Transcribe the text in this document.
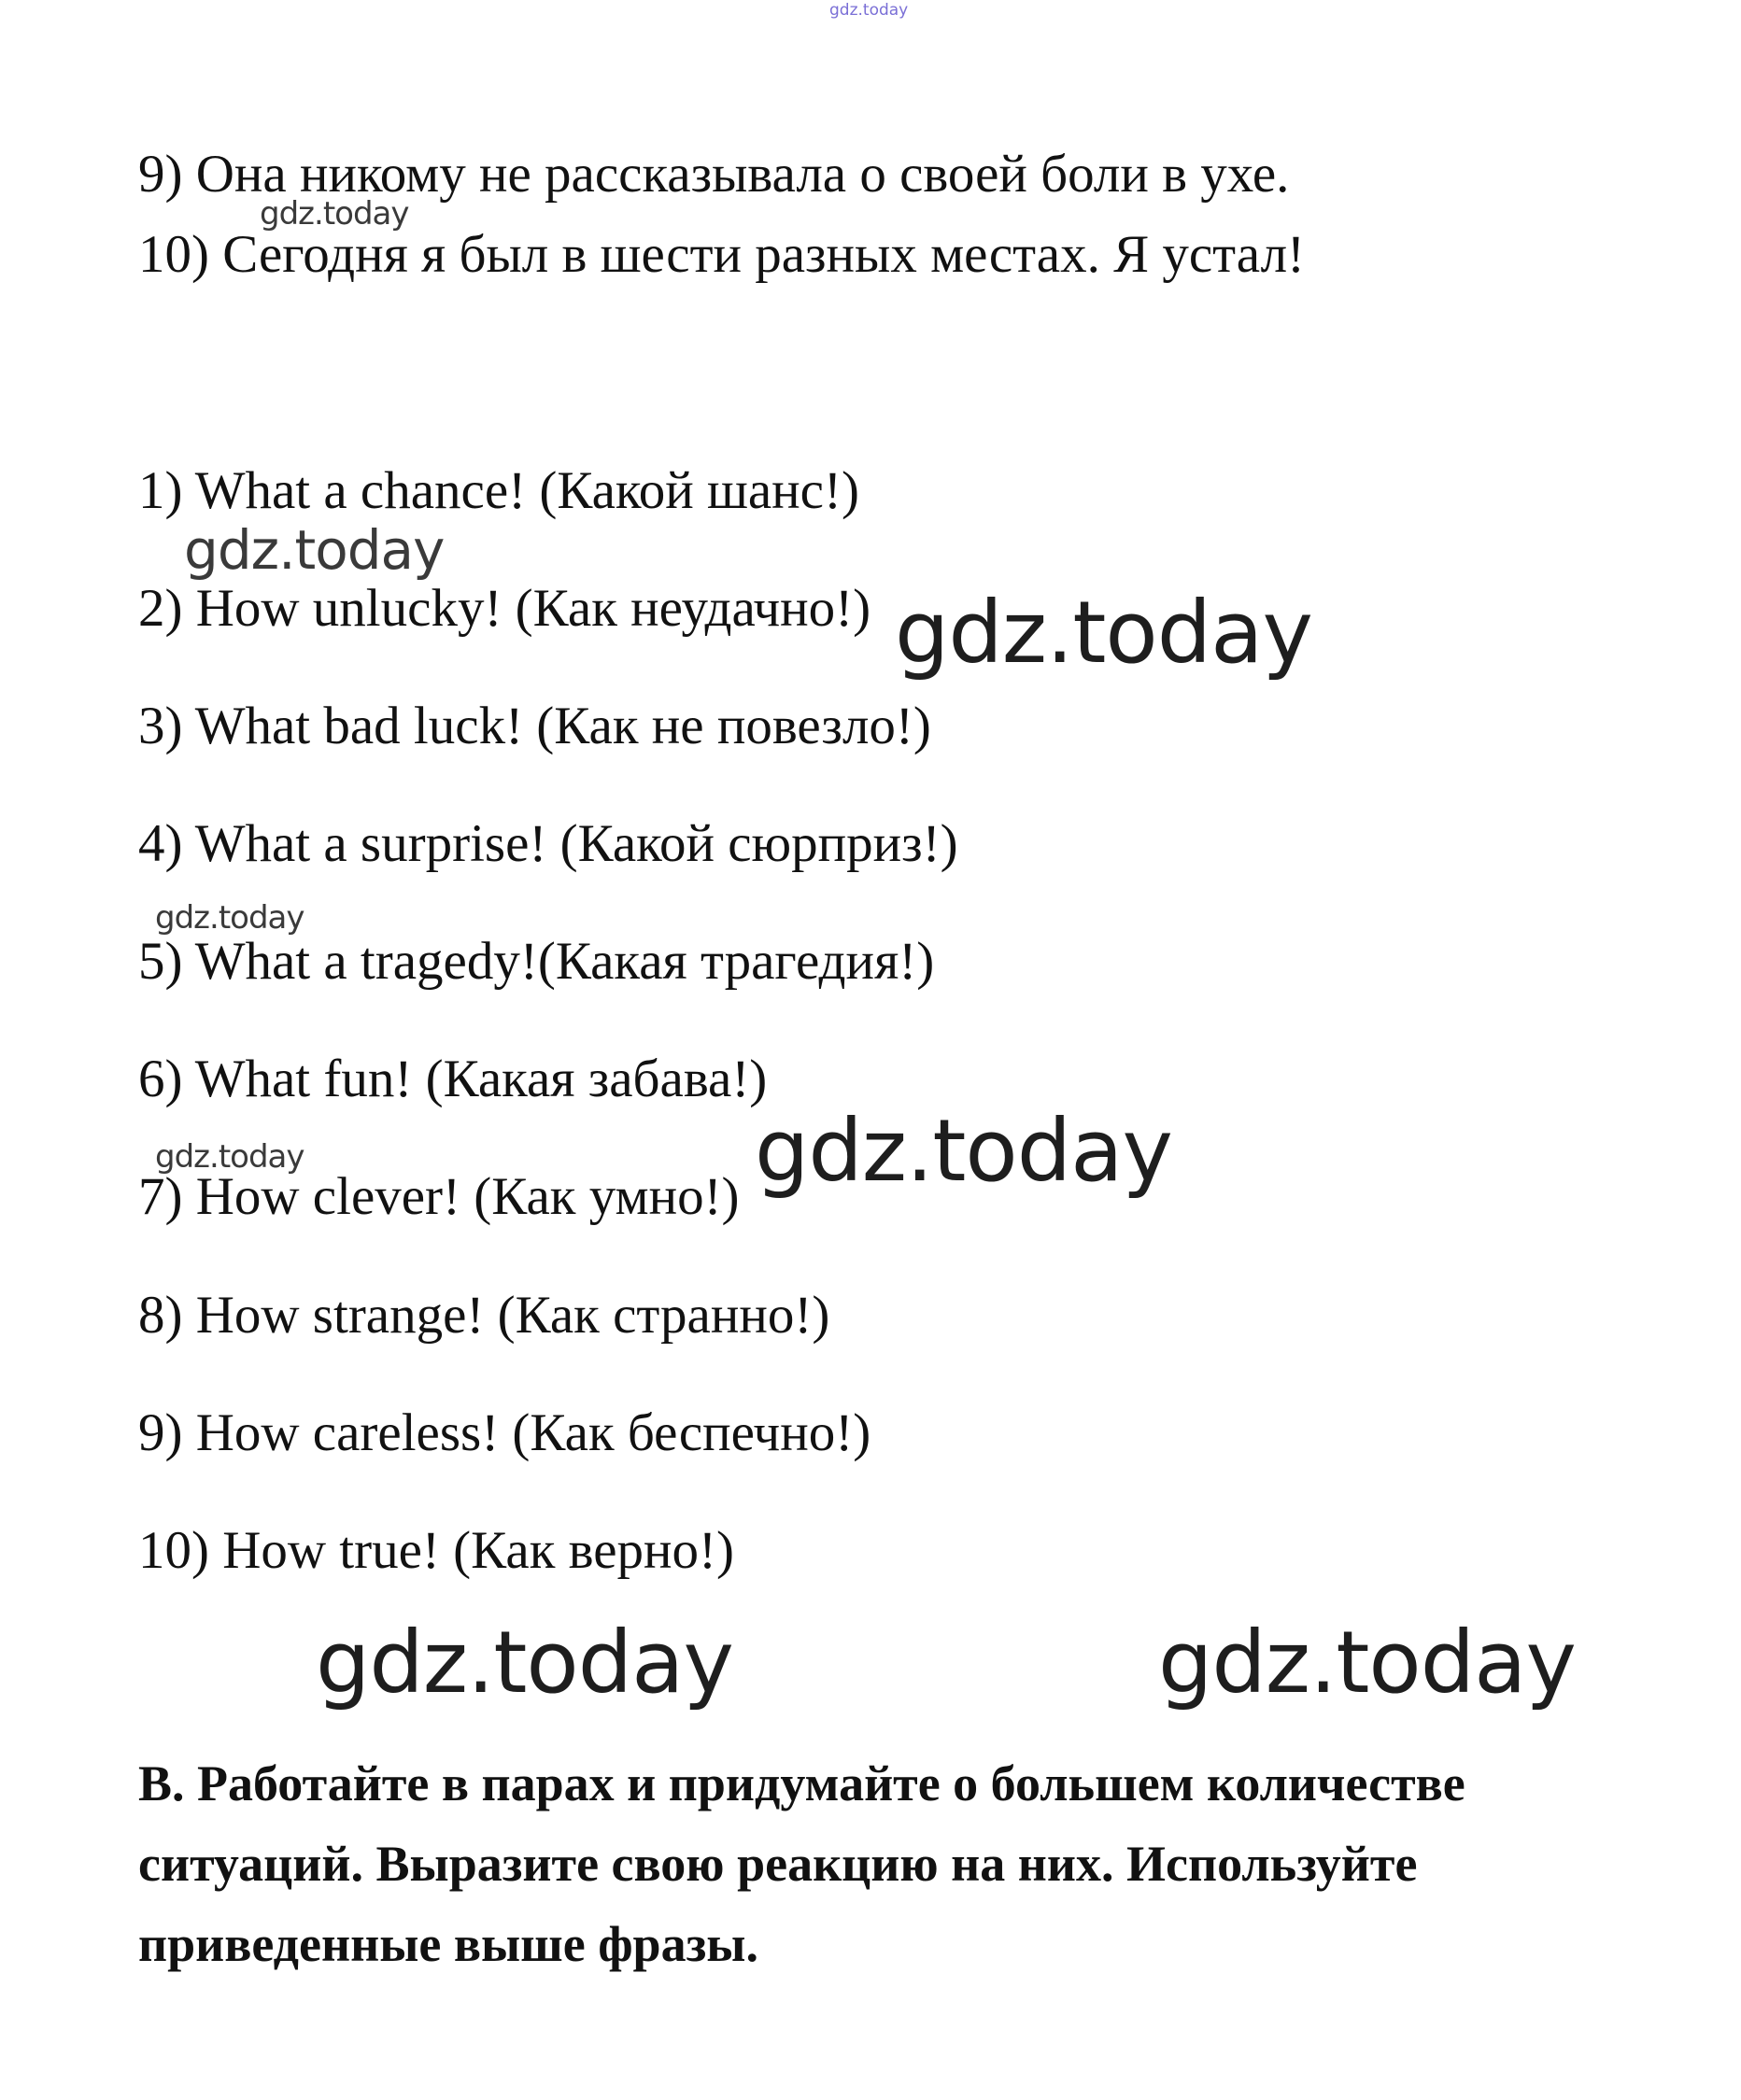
gdz.today
9) Она никому не рассказывала о своей боли в ухе.
gdz.today
10) Сегодня я был в шести разных местах. Я устал!
1) What a chance! (Какой шанс!)
gdz.today
2) How unlucky! (Как неудачно!) gdz.today
3) What bad luck! (Как не повезло!)
4) What a surprise! (Какой сюрприз!)
gdz.today
5) What a tragedy!(Какая трагедия!)
6) What fun! (Какая забава!)
gdz.today	gdz.today
7) How clever! (Как умно!)
8) How strange! (Как странно!)
9) How careless! (Как беспечно!)
10) How true! (Как верно!)
gdz.today	gdz.today
B. Работайте в парах и придумайте о большем количестве
ситуаций. Выразите свою реакцию на них. Используйте
приведенные выше фразы.
